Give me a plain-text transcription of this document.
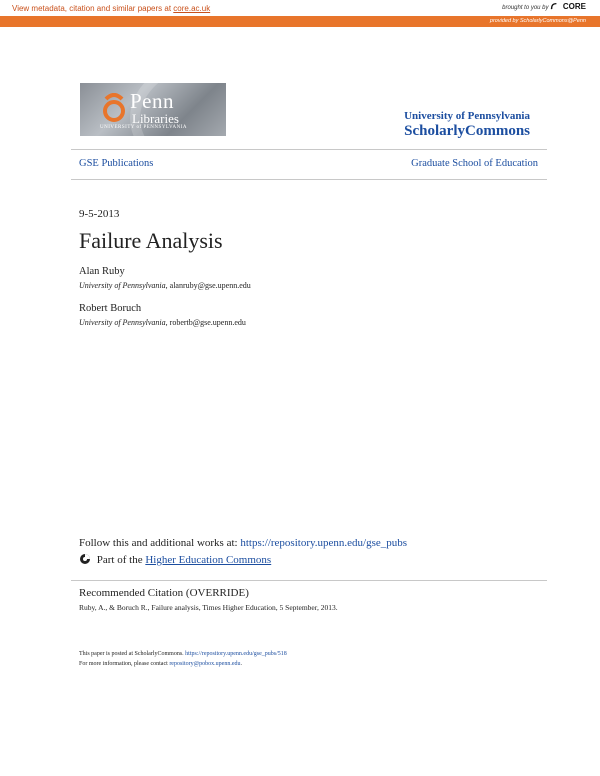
View metadata, citation and similar papers at core.ac.uk	brought to you by CORE
provided by ScholarlyCommons@Penn
Penn
Libraries
UNIVERSITY of PENNSYLVANIA
University of Pennsylvania
ScholarlyCommons
GSE Publications	Graduate School of Education
9-5-2013
Failure Analysis
Alan Ruby
University of Pennsylvania, alanruby@gse.upenn.edu
Robert Boruch
University of Pennsylvania, robertb@gse.upenn.edu
Follow this and additional works at: https://repository.upenn.edu/gse_pubs
Part of the Higher Education Commons
Recommended Citation (OVERRIDE)
Ruby, A., & Boruch R., Failure analysis, Times Higher Education, 5 September, 2013.
This paper is posted at ScholarlyCommons. https://repository.upenn.edu/gse_pubs/518
For more information, please contact repository@pobox.upenn.edu.
